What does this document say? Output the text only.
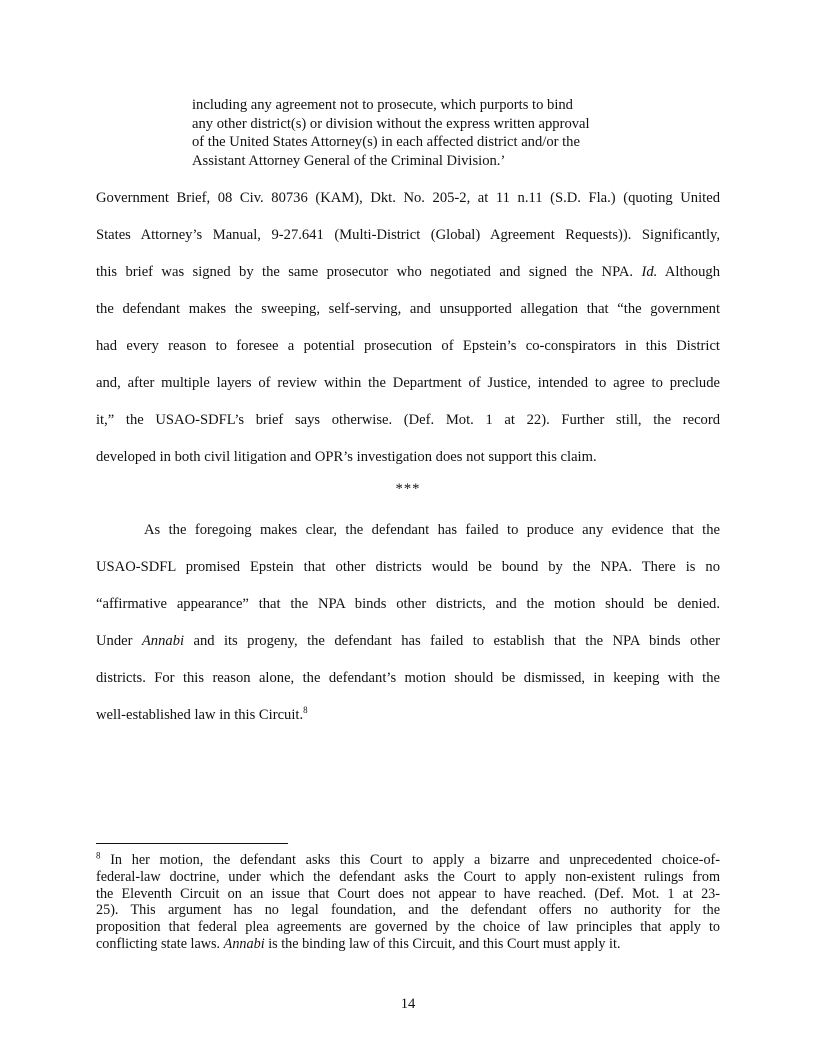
including any agreement not to prosecute, which purports to bind
any other district(s) or division without the express written approval
of the United States Attorney(s) in each affected district and/or the
Assistant Attorney General of the Criminal Division.’
Government Brief, 08 Civ. 80736 (KAM), Dkt. No. 205-2, at 11 n.11 (S.D. Fla.) (quoting United
States Attorney’s Manual, 9-27.641 (Multi-District (Global) Agreement Requests)). Significantly,
this brief was signed by the same prosecutor who negotiated and signed the NPA. Id. Although
the defendant makes the sweeping, self-serving, and unsupported allegation that “the government
had every reason to foresee a potential prosecution of Epstein’s co-conspirators in this District
and, after multiple layers of review within the Department of Justice, intended to agree to preclude
it,” the USAO-SDFL’s brief says otherwise. (Def. Mot. 1 at 22). Further still, the record
developed in both civil litigation and OPR’s investigation does not support this claim.
***
As the foregoing makes clear, the defendant has failed to produce any evidence that the
USAO-SDFL promised Epstein that other districts would be bound by the NPA. There is no
“affirmative appearance” that the NPA binds other districts, and the motion should be denied.
Under Annabi and its progeny, the defendant has failed to establish that the NPA binds other
districts. For this reason alone, the defendant’s motion should be dismissed, in keeping with the
well-established law in this Circuit.$^8$
$^8$ In her motion, the defendant asks this Court to apply a bizarre and unprecedented choice-of-
federal-law doctrine, under which the defendant asks the Court to apply non-existent rulings from
the Eleventh Circuit on an issue that Court does not appear to have reached. (Def. Mot. 1 at 23-
25). This argument has no legal foundation, and the defendant offers no authority for the
proposition that federal plea agreements are governed by the choice of law principles that apply to
conflicting state laws. Annabi is the binding law of this Circuit, and this Court must apply it.
14
